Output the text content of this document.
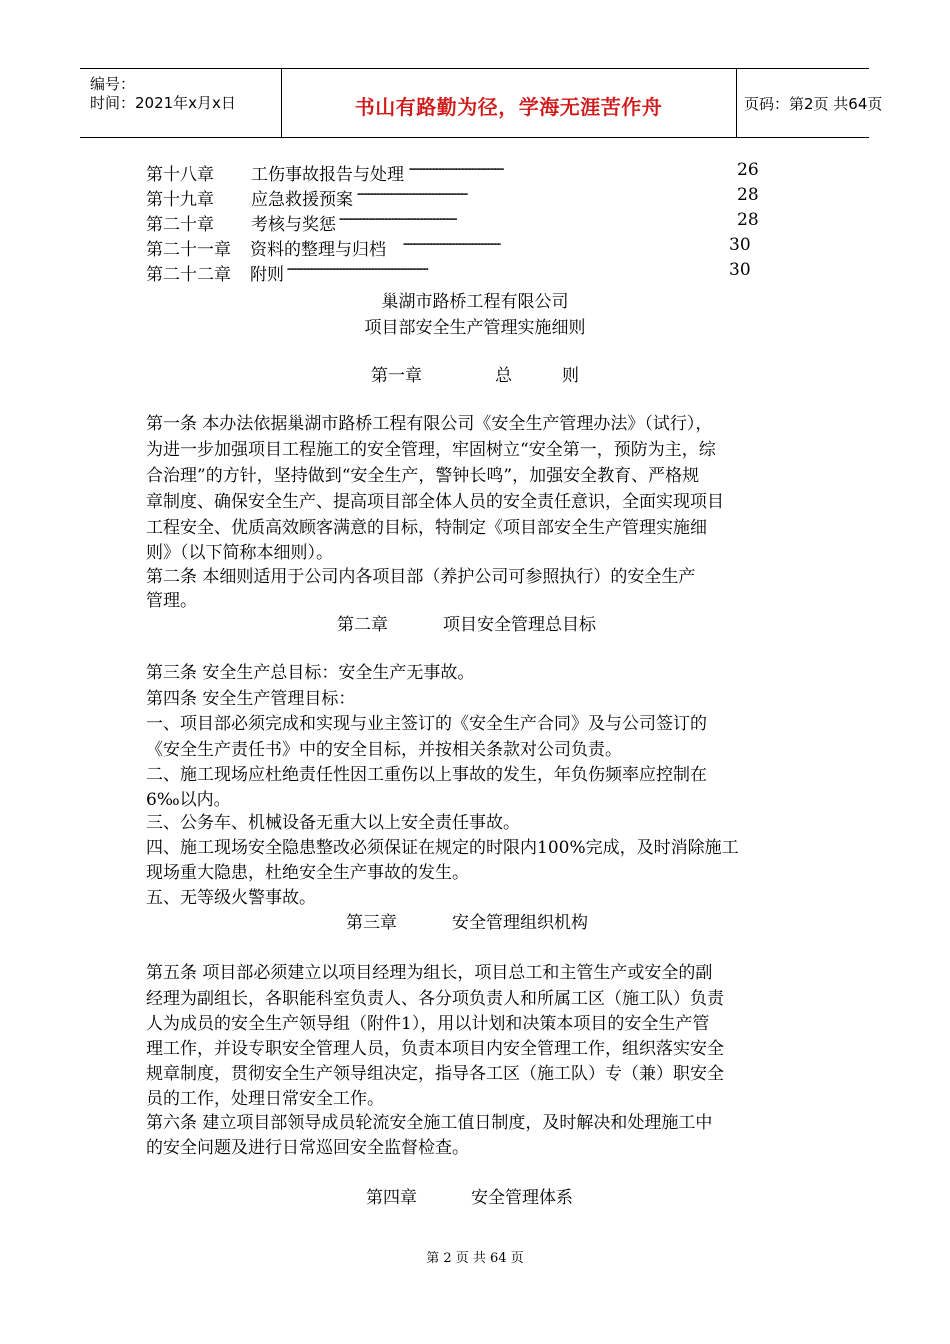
编号：
时间：2021年x月x日	书山有路勤为径，学海无涯苦作舟	页码：第2页 共64页
第十八章 工伤事故报告与处理 ·································································	26
第十九章 应急救援预案 ············································································	28
第二十章 考核与奖惩 ·················································································	28
第二十一章 资料的整理与归档 ···································································	30
第二十二章 附则 ·································································································	30
巢湖市路桥工程有限公司
项目部安全生产管理实施细则
第一章	总	则
第一条 本办法依据巢湖市路桥工程有限公司《安全生产管理办法》（试行），
为进一步加强项目工程施工的安全管理，牢固树立“安全第一，预防为主，综
合治理”的方针，坚持做到“安全生产，警钟长鸣”，加强安全教育、严格规
章制度、确保安全生产、提高项目部全体人员的安全责任意识，全面实现项目
工程安全、优质高效顾客满意的目标，特制定《项目部安全生产管理实施细
则》（以下简称本细则）。
第二条 本细则适用于公司内各项目部（养护公司可参照执行）的安全生产
管理。
第二章	项目安全管理总目标
第三条 安全生产总目标：安全生产无事故。
第四条 安全生产管理目标：
一、项目部必须完成和实现与业主签订的《安全生产合同》及与公司签订的
《安全生产责任书》中的安全目标，并按相关条款对公司负责。
二、施工现场应杜绝责任性因工重伤以上事故的发生，年负伤频率应控制在
6‰以内。
三、公务车、机械设备无重大以上安全责任事故。
四、施工现场安全隐患整改必须保证在规定的时限内100%完成，及时消除施工
现场重大隐患，杜绝安全生产事故的发生。
五、无等级火警事故。
第三章	安全管理组织机构
第五条 项目部必须建立以项目经理为组长，项目总工和主管生产或安全的副
经理为副组长，各职能科室负责人、各分项负责人和所属工区（施工队）负责
人为成员的安全生产领导组（附件1），用以计划和决策本项目的安全生产管
理工作，并设专职安全管理人员，负责本项目内安全管理工作，组织落实安全
规章制度，贯彻安全生产领导组决定，指导各工区（施工队）专（兼）职安全
员的工作，处理日常安全工作。
第六条 建立项目部领导成员轮流安全施工值日制度，及时解决和处理施工中
的安全问题及进行日常巡回安全监督检查。
第四章	安全管理体系
第 2 页 共 64 页
